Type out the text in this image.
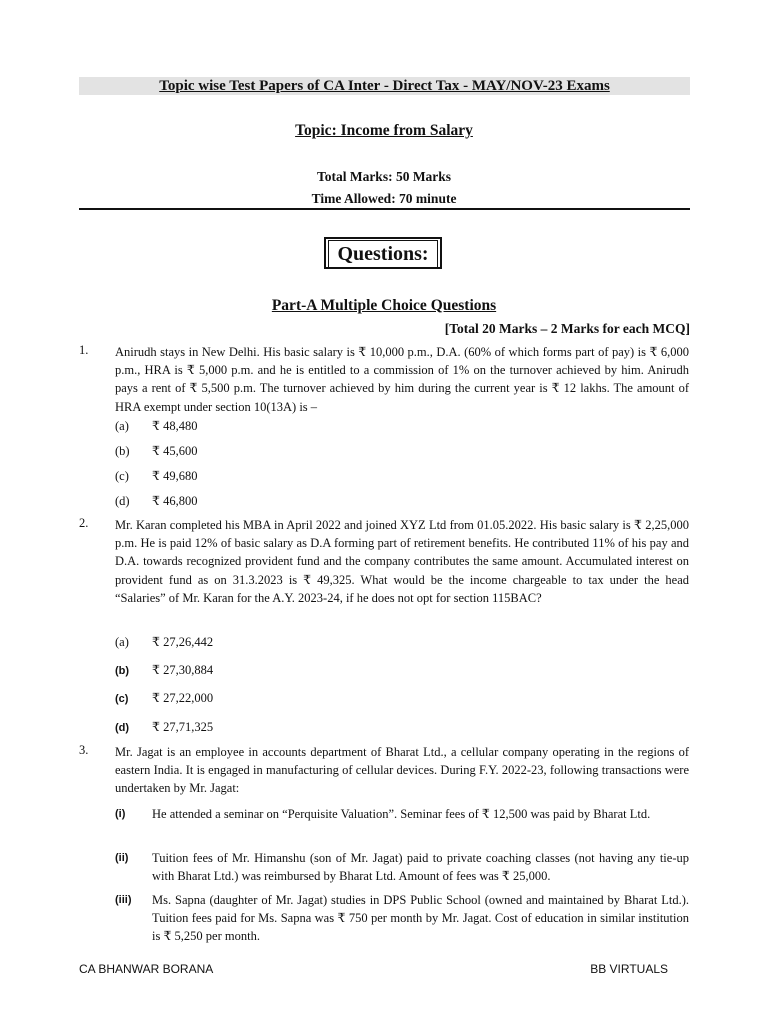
Topic wise Test Papers of CA Inter - Direct Tax - MAY/NOV-23 Exams
Topic: Income from Salary
Total Marks: 50 Marks
Time Allowed: 70 minute
Questions:
Part-A Multiple Choice Questions
[Total 20 Marks – 2 Marks for each MCQ]
1. Anirudh stays in New Delhi. His basic salary is ₹ 10,000 p.m., D.A. (60% of which forms part of pay) is ₹ 6,000 p.m., HRA is ₹ 5,000 p.m. and he is entitled to a commission of 1% on the turnover achieved by him. Anirudh pays a rent of ₹ 5,500 p.m. The turnover achieved by him during the current year is ₹ 12 lakhs. The amount of HRA exempt under section 10(13A) is –
(a) ₹ 48,480
(b) ₹ 45,600
(c) ₹ 49,680
(d) ₹ 46,800
2. Mr. Karan completed his MBA in April 2022 and joined XYZ Ltd from 01.05.2022. His basic salary is ₹ 2,25,000 p.m. He is paid 12% of basic salary as D.A forming part of retirement benefits. He contributed 11% of his pay and D.A. towards recognized provident fund and the company contributes the same amount. Accumulated interest on provident fund as on 31.3.2023 is ₹ 49,325. What would be the income chargeable to tax under the head “Salaries” of Mr. Karan for the A.Y. 2023-24, if he does not opt for section 115BAC?
(a) ₹ 27,26,442
(b) ₹ 27,30,884
(c) ₹ 27,22,000
(d) ₹ 27,71,325
3. Mr. Jagat is an employee in accounts department of Bharat Ltd., a cellular company operating in the regions of eastern India. It is engaged in manufacturing of cellular devices. During F.Y. 2022-23, following transactions were undertaken by Mr. Jagat:
(i) He attended a seminar on “Perquisite Valuation”. Seminar fees of ₹ 12,500 was paid by Bharat Ltd.
(ii) Tuition fees of Mr. Himanshu (son of Mr. Jagat) paid to private coaching classes (not having any tie-up with Bharat Ltd.) was reimbursed by Bharat Ltd. Amount of fees was ₹ 25,000.
(iii) Ms. Sapna (daughter of Mr. Jagat) studies in DPS Public School (owned and maintained by Bharat Ltd.). Tuition fees paid for Ms. Sapna was ₹ 750 per month by Mr. Jagat. Cost of education in similar institution is ₹ 5,250 per month.
CA BHANWAR BORANA	BB VIRTUALS
